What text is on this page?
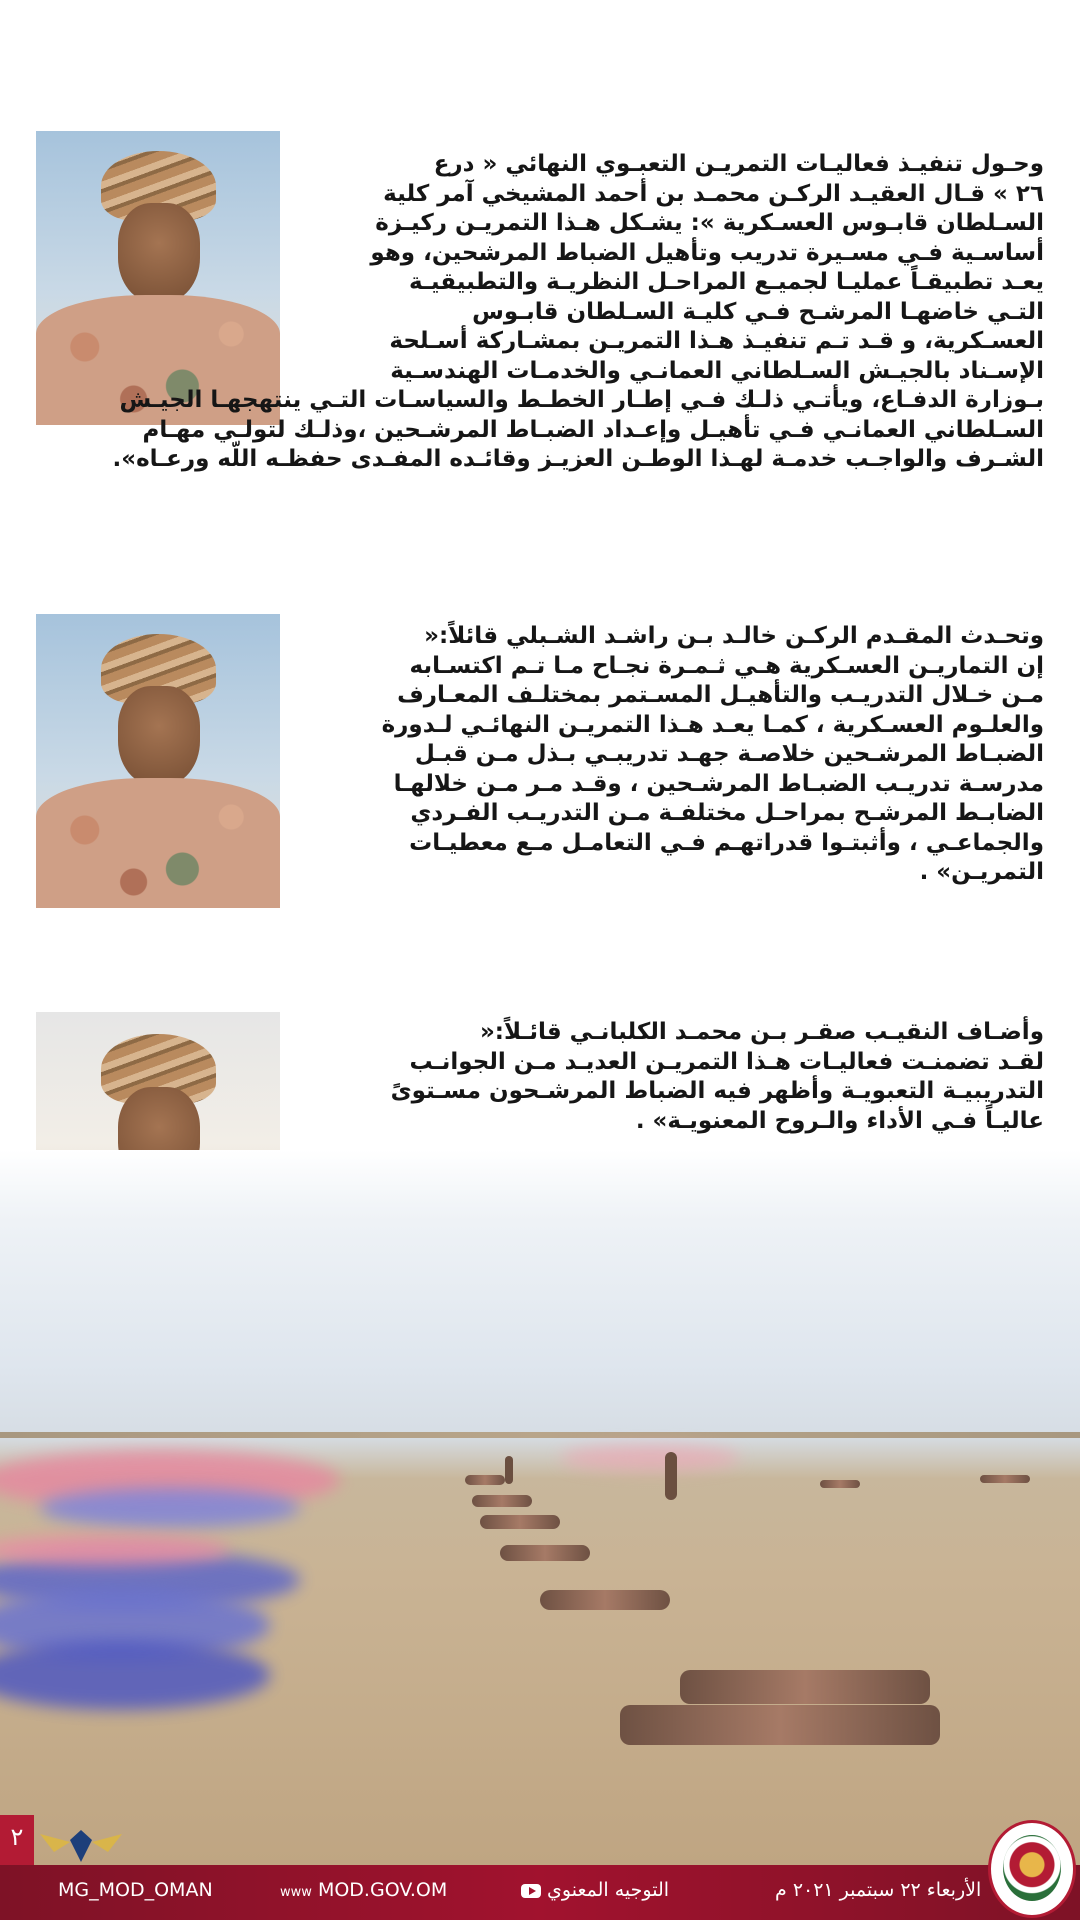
وحـول تنفيـذ فعاليـات التمريـن التعبـوي النهائي « درع
٢٦ » قـال العقيـد الركـن محمـد بن أحمد المشيخي آمر كلية
السـلطان قابـوس العسـكرية »: يشـكل هـذا التمريـن ركيـزة
أساسـية فـي مسـيرة تدريب وتأهيل الضباط المرشحين، وهو
يعـد تطبيقـاً عمليـا لجميـع المراحـل النظريـة والتطبيقيـة
التـي خاضهـا المرشـح فـي كليـة السـلطان قابـوس
العسـكرية، و قـد تـم تنفيـذ هـذا التمريـن بمشـاركة أسـلحة
الإسـناد بالجيـش السـلطاني العمانـي والخدمـات الهندسـية
بـوزارة الدفـاع، ويأتـي ذلـك فـي إطـار الخطـط والسياسـات التـي ينتهجهـا الجيـش
السـلطاني العمانـي فـي تأهيـل وإعـداد الضبـاط المرشـحين ،وذلـك لتولـي مهـام
الشـرف والواجـب خدمـة لهـذا الوطـن العزيـز وقائـده المفـدى حفظـه اللّه ورعـاه».
وتحـدث المقـدم الركـن خالـد بـن راشـد الشـبلي قائلاً:«
إن التماريـن العسـكرية هـي ثـمـرة نجـاح مـا تـم اكتسـابه
مـن خـلال التدريـب والتأهيـل المسـتمر بمختلـف المعـارف
والعلـوم العسـكرية ، كمـا يعـد هـذا التمريـن النهائـي لـدورة
الضبـاط المرشـحين خلاصـة جهـد تدريبـي بـذل مـن قبـل
مدرسـة تدريـب الضبـاط المرشـحين ، وقـد مـر مـن خلالهـا
الضابـط المرشـح بمراحـل مختلفـة مـن التدريـب الفـردي
والجماعـي ، وأثبتـوا قدراتهـم فـي التعامـل مـع معطيـات
التمريـن» .
وأضـاف النقيـب صقـر بـن محمـد الكلبانـي قائـلاً:«
لقـد تضمنـت فعاليـات هـذا التمريـن العديـد مـن الجوانـب
التدريبيـة التعبويـة وأظهر فيه الضباط المرشـحون مسـتوىً
عاليـاً فـي الأداء والـروح المعنويـة» .
الأربعاء ٢٢ سبتمبر ٢٠٢١ م
التوجيه المعنوي
www MOD.GOV.OM
MG_MOD_OMAN
٢
